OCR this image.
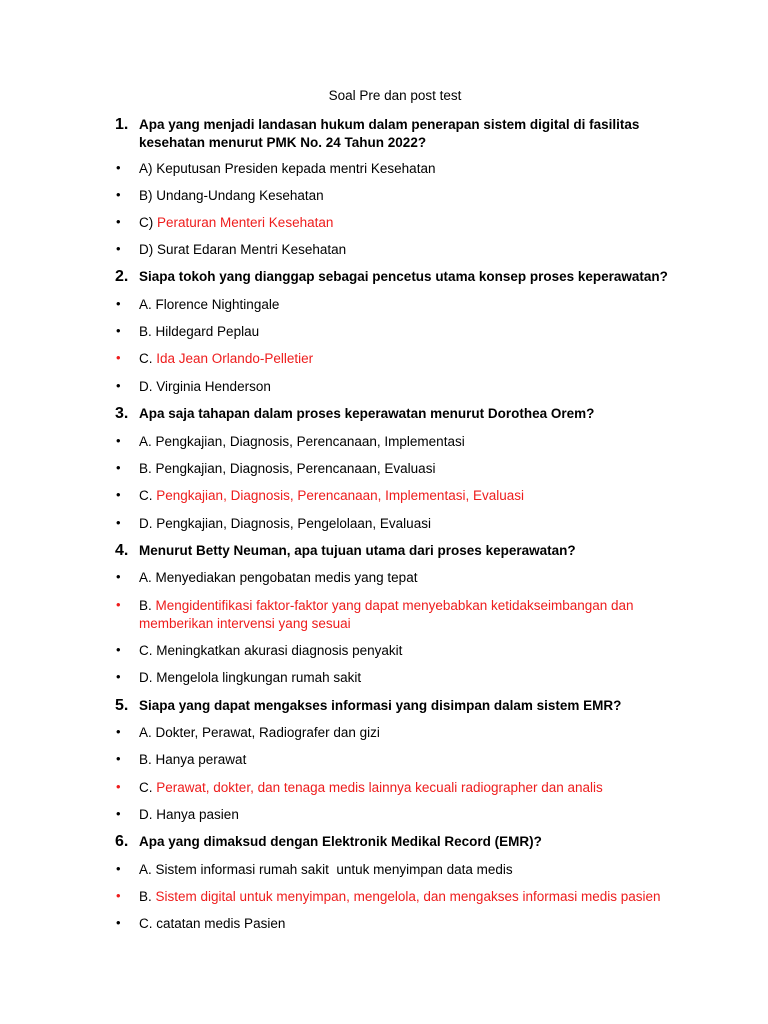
Soal Pre dan post test
1. Apa yang menjadi landasan hukum dalam penerapan sistem digital di fasilitas kesehatan menurut PMK No. 24 Tahun 2022?
• A) Keputusan Presiden kepada mentri Kesehatan
• B) Undang-Undang Kesehatan
• C) Peraturan Menteri Kesehatan
• D) Surat Edaran Mentri Kesehatan
2. Siapa tokoh yang dianggap sebagai pencetus utama konsep proses keperawatan?
• A. Florence Nightingale
• B. Hildegard Peplau
• C. Ida Jean Orlando-Pelletier
• D. Virginia Henderson
3. Apa saja tahapan dalam proses keperawatan menurut Dorothea Orem?
• A. Pengkajian, Diagnosis, Perencanaan, Implementasi
• B. Pengkajian, Diagnosis, Perencanaan, Evaluasi
• C. Pengkajian, Diagnosis, Perencanaan, Implementasi, Evaluasi
• D. Pengkajian, Diagnosis, Pengelolaan, Evaluasi
4. Menurut Betty Neuman, apa tujuan utama dari proses keperawatan?
• A. Menyediakan pengobatan medis yang tepat
• B. Mengidentifikasi faktor-faktor yang dapat menyebabkan ketidakseimbangan dan
memberikan intervensi yang sesuai
• C. Meningkatkan akurasi diagnosis penyakit
• D. Mengelola lingkungan rumah sakit
5. Siapa yang dapat mengakses informasi yang disimpan dalam sistem EMR?
• A. Dokter, Perawat, Radiografer dan gizi
• B. Hanya perawat
• C. Perawat, dokter, dan tenaga medis lainnya kecuali radiographer dan analis
• D. Hanya pasien
6. Apa yang dimaksud dengan Elektronik Medikal Record (EMR)?
• A. Sistem informasi rumah sakit  untuk menyimpan data medis
• B. Sistem digital untuk menyimpan, mengelola, dan mengakses informasi medis pasien
• C. catatan medis Pasien
